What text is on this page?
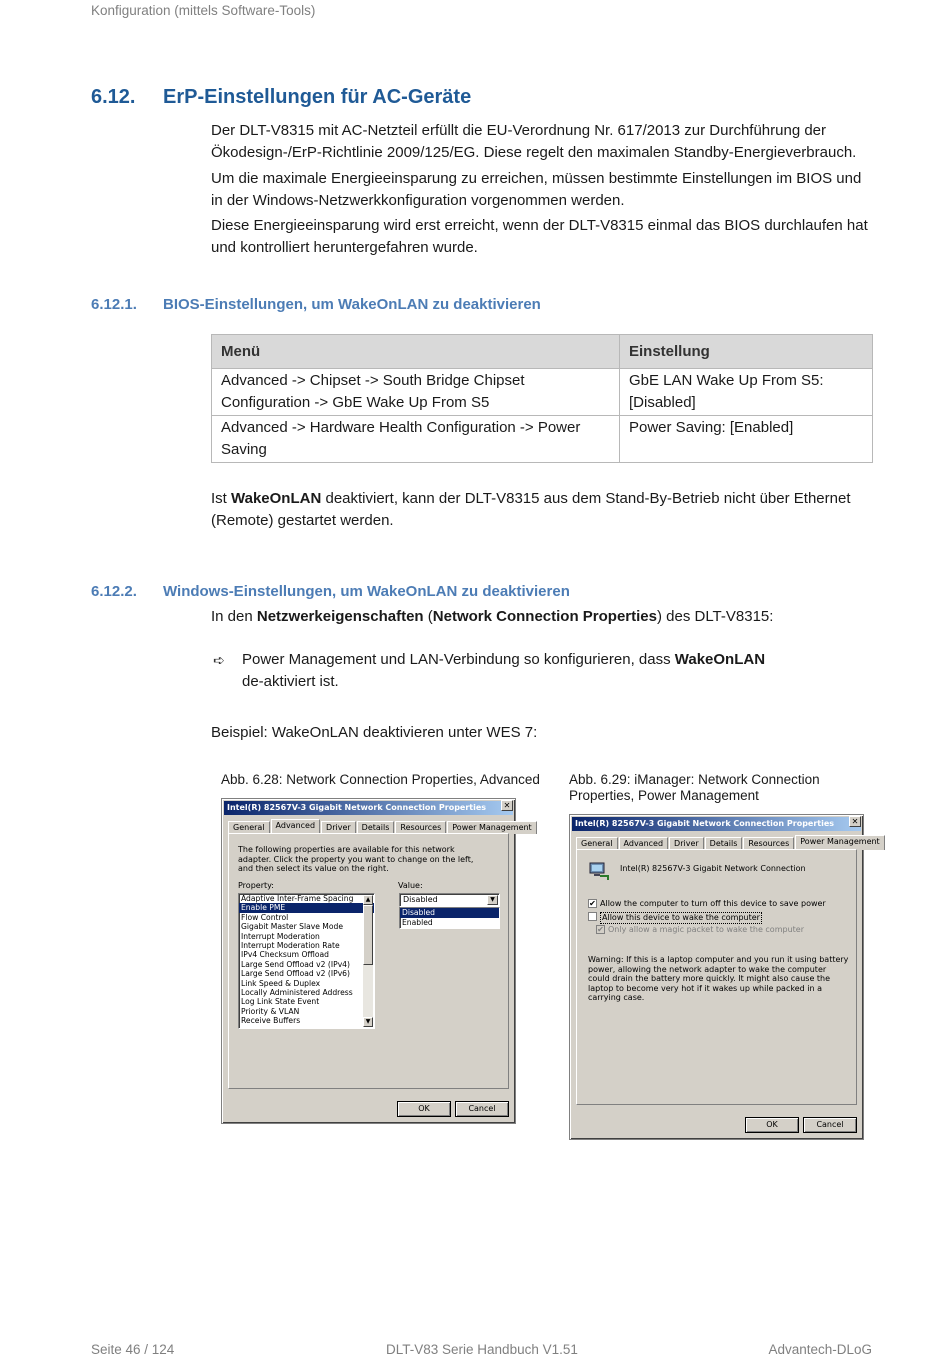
Konfiguration (mittels Software-Tools)
6.12. ErP-Einstellungen für AC-Geräte
Der DLT-V8315 mit AC-Netzteil erfüllt die EU-Verordnung Nr. 617/2013 zur Durchführung der Ökodesign-/ErP-Richtlinie 2009/125/EG. Diese regelt den maximalen Standby-Energieverbrauch.
Um die maximale Energieeinsparung zu erreichen, müssen bestimmte Einstellungen im BIOS und in der Windows-Netzwerkkonfiguration vorgenommen werden.
Diese Energieeinsparung wird erst erreicht, wenn der DLT-V8315 einmal das BIOS durchlaufen hat und kontrolliert heruntergefahren wurde.
6.12.1. BIOS-Einstellungen, um WakeOnLAN zu deaktivieren
Menü	Einstellung
Advanced -> Chipset -> South Bridge Chipset Configuration -> GbE Wake Up From S5	GbE LAN Wake Up From S5: [Disabled]
Advanced -> Hardware Health Configuration -> Power Saving	Power Saving: [Enabled]
Ist WakeOnLAN deaktiviert, kann der DLT-V8315 aus dem Stand-By-Betrieb nicht über Ethernet (Remote) gestartet werden.
6.12.2. Windows-Einstellungen, um WakeOnLAN zu deaktivieren
In den Netzwerkeigenschaften (Network Connection Properties) des DLT-V8315:
➪ Power Management und LAN-Verbindung so konfigurieren, dass WakeOnLAN
de-aktiviert ist.
Beispiel: WakeOnLAN deaktivieren unter WES 7:
Abb. 6.28: Network Connection Properties, Advanced	Abb. 6.29: iManager: Network Connection Properties, Power Management
Intel(R) 82567V-3 Gigabit Network Connection Properties	✕
General	Advanced	Driver	Details	Resources	Power Management
The following properties are available for this network adapter. Click the property you want to change on the left, and then select its value on the right.
Property:	Value:
Adaptive Inter-Frame Spacing
Enable PME
Flow Control
Gigabit Master Slave Mode
Interrupt Moderation
Interrupt Moderation Rate
IPv4 Checksum Offload
Large Send Offload v2 (IPv4)
Large Send Offload v2 (IPv6)
Link Speed & Duplex
Locally Administered Address
Log Link State Event
Priority & VLAN
Receive Buffers
▲
▼
Disabled	▼
Disabled
Enabled
OK	Cancel
Intel(R) 82567V-3 Gigabit Network Connection Properties	✕
General	Advanced	Driver	Details	Resources	Power Management
Intel(R) 82567V-3 Gigabit Network Connection
✔ Allow the computer to turn off this device to save power
Allow this device to wake the computer
✔ Only allow a magic packet to wake the computer
Warning: If this is a laptop computer and you run it using battery power, allowing the network adapter to wake the computer could drain the battery more quickly. It might also cause the laptop to become very hot if it wakes up while packed in a carrying case.
OK	Cancel
Seite 46 / 124	DLT-V83 Serie Handbuch V1.51	Advantech-DLoG
